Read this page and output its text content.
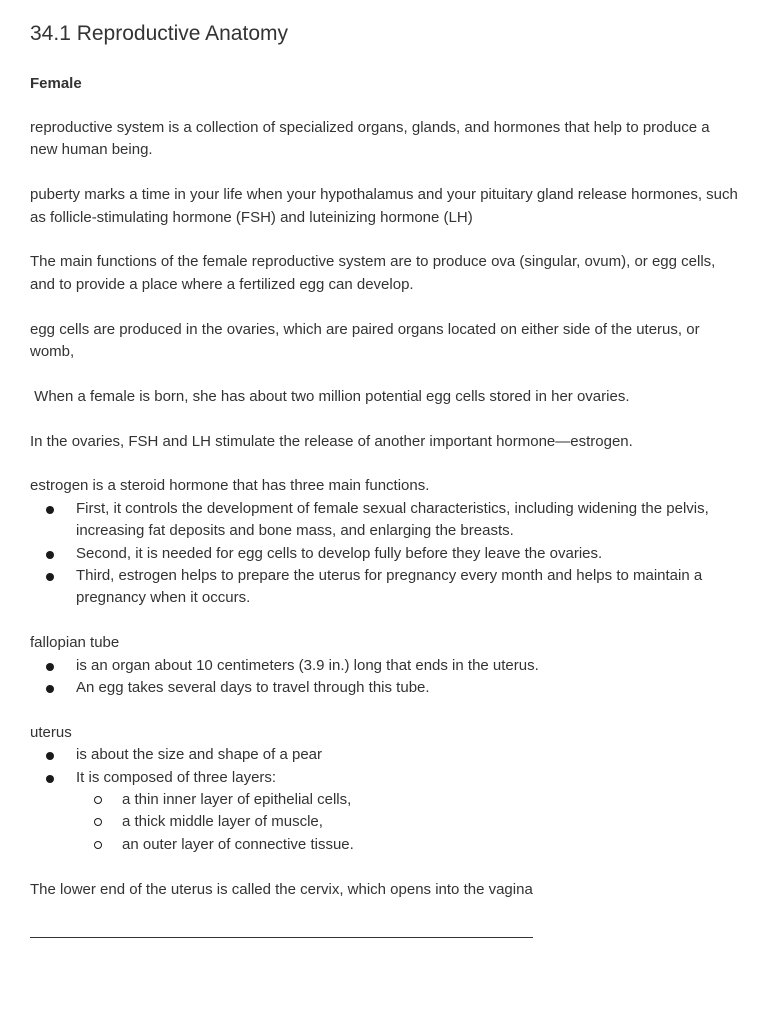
34.1 Reproductive Anatomy
Female

reproductive system is a collection of specialized organs, glands, and hormones that help to produce a new human being.

puberty marks a time in your life when your hypothalamus and your pituitary gland release hormones, such as follicle-stimulating hormone (FSH) and luteinizing hormone (LH)

The main functions of the female reproductive system are to produce ova (singular, ovum), or egg cells, and to provide a place where a fertilized egg can develop.

egg cells are produced in the ovaries, which are paired organs located on either side of the uterus, or womb,

When a female is born, she has about two million potential egg cells stored in her ovaries.

In the ovaries, FSH and LH stimulate the release of another important hormone—estrogen.

estrogen is a steroid hormone that has three main functions.

First, it controls the development of female sexual characteristics, including widening the pelvis, increasing fat deposits and bone mass, and enlarging the breasts.
Second, it is needed for egg cells to develop fully before they leave the ovaries.
Third, estrogen helps to prepare the uterus for pregnancy every month and helps to maintain a pregnancy when it occurs.

fallopian tube

is an organ about 10 centimeters (3.9 in.) long that ends in the uterus.
An egg takes several days to travel through this tube.

uterus

is about the size and shape of a pear
It is composed of three layers:
a thin inner layer of epithelial cells,
a thick middle layer of muscle,
an outer layer of connective tissue.

The lower end of the uterus is called the cervix, which opens into the vagina
